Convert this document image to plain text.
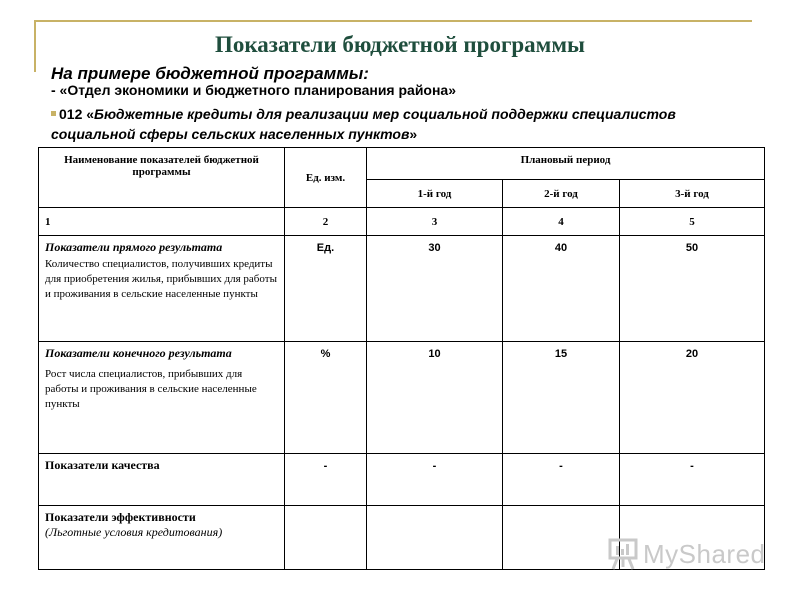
Показатели бюджетной программы
На примере бюджетной программы:
- «Отдел экономики и бюджетного планирования района»
012 «Бюджетные кредиты для реализации мер социальной поддержки специалистов социальной сферы сельских населенных пунктов»
Наименование показателей бюджетной программы	Ед. изм.	Плановый период		
		1-й год	2-й год	3-й год
1	2	3	4	5

Показатели прямого результата
Количество специалистов, получивших кредиты для приобретения жилья, прибывших для работы и проживания в сельские населенные пункты	Ед.	30	40	50

Показатели конечного результата
Рост числа специалистов, прибывших для работы и проживания в сельские населенные пункты	%	10	15	20

Показатели качества	-	-	-	-

Показатели эффективности
(Льготные условия кредитования)				

MyShared
